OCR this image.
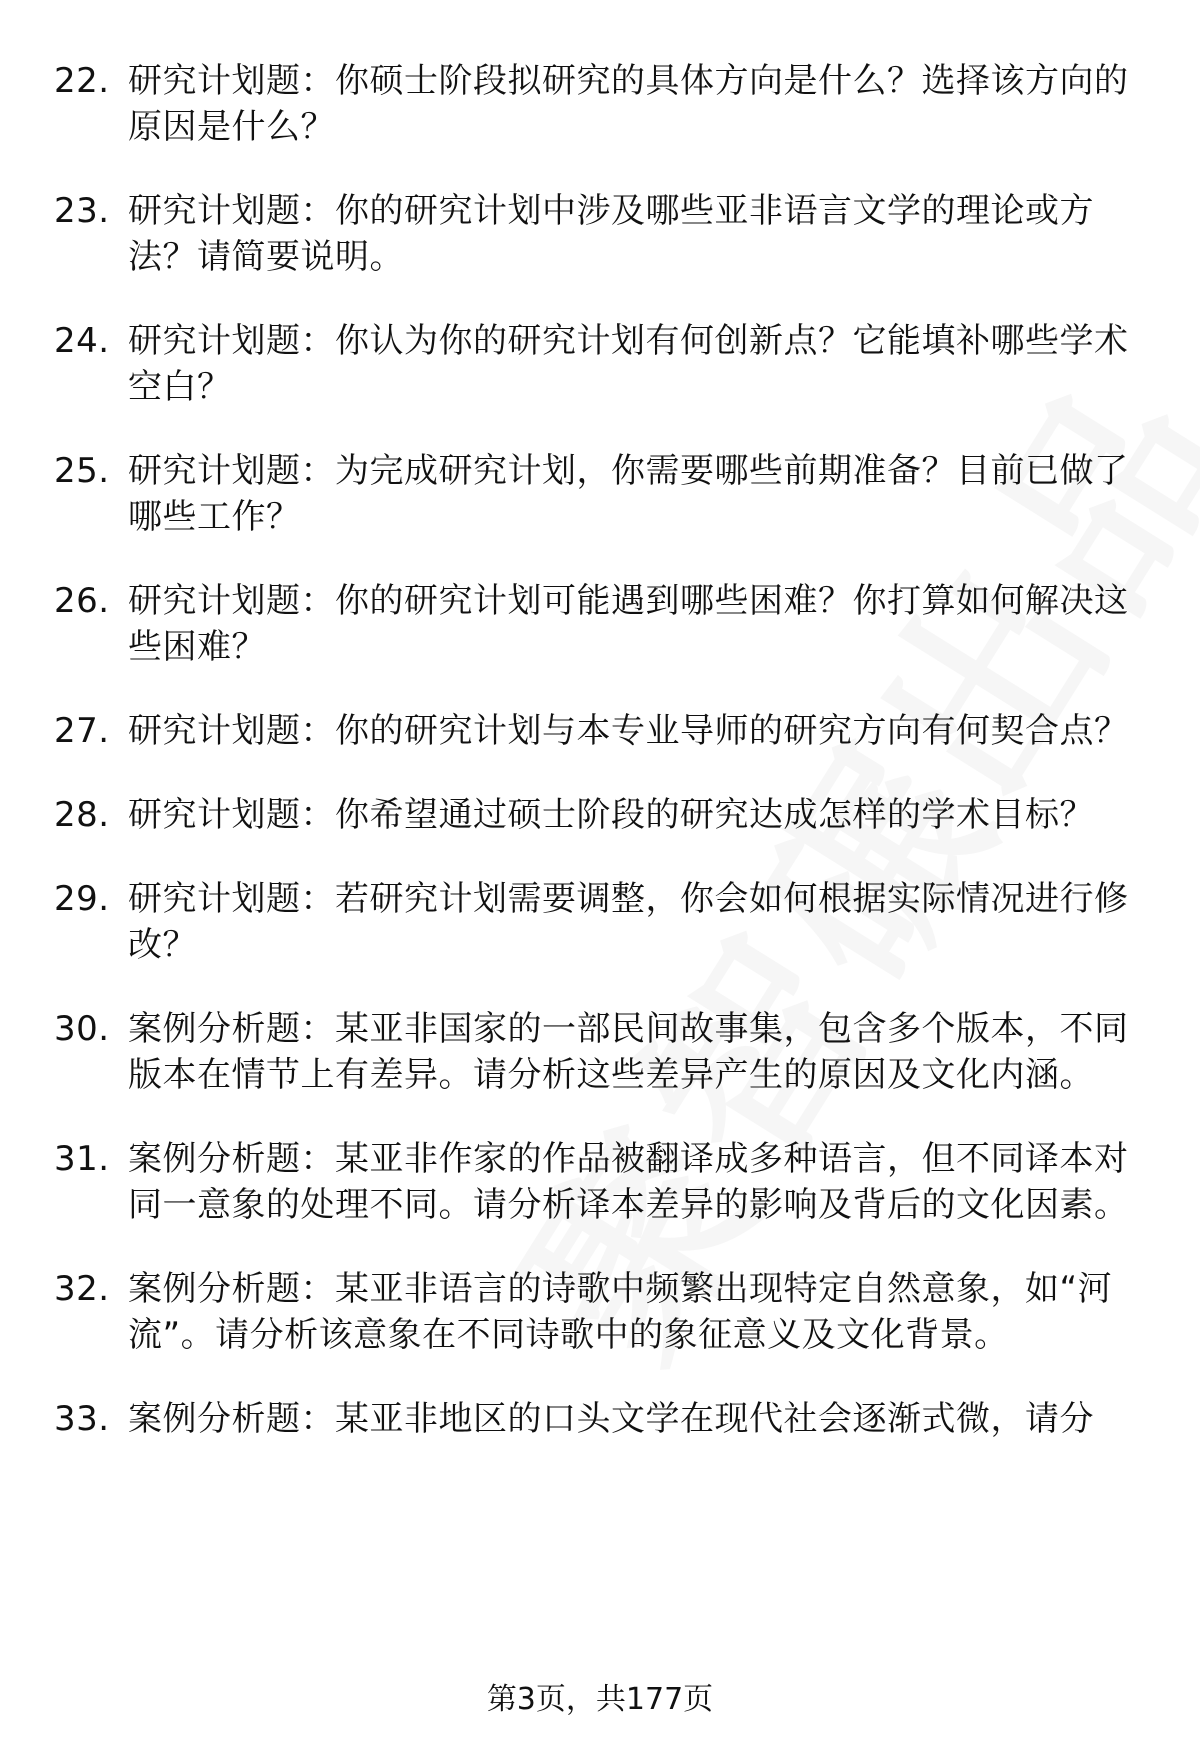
22. 研究计划题：你硕士阶段拟研究的具体方向是什么？选择该方向的原因是什么？
23. 研究计划题：你的研究计划中涉及哪些亚非语言文学的理论或方法？请简要说明。
24. 研究计划题：你认为你的研究计划有何创新点？它能填补哪些学术空白？
25. 研究计划题：为完成研究计划，你需要哪些前期准备？目前已做了哪些工作？
26. 研究计划题：你的研究计划可能遇到哪些困难？你打算如何解决这些困难？
27. 研究计划题：你的研究计划与本专业导师的研究方向有何契合点？
28. 研究计划题：你希望通过硕士阶段的研究达成怎样的学术目标？
29. 研究计划题：若研究计划需要调整，你会如何根据实际情况进行修改？
30. 案例分析题：某亚非国家的一部民间故事集，包含多个版本，不同版本在情节上有差异。请分析这些差异产生的原因及文化内涵。
31. 案例分析题：某亚非作家的作品被翻译成多种语言，但不同译本对同一意象的处理不同。请分析译本差异的影响及背后的文化因素。
32. 案例分析题：某亚非语言的诗歌中频繁出现特定自然意象，如“河流”。请分析该意象在不同诗歌中的象征意义及文化背景。
33. 案例分析题：某亚非地区的口头文学在现代社会逐渐式微，请分
第3页，共177页
